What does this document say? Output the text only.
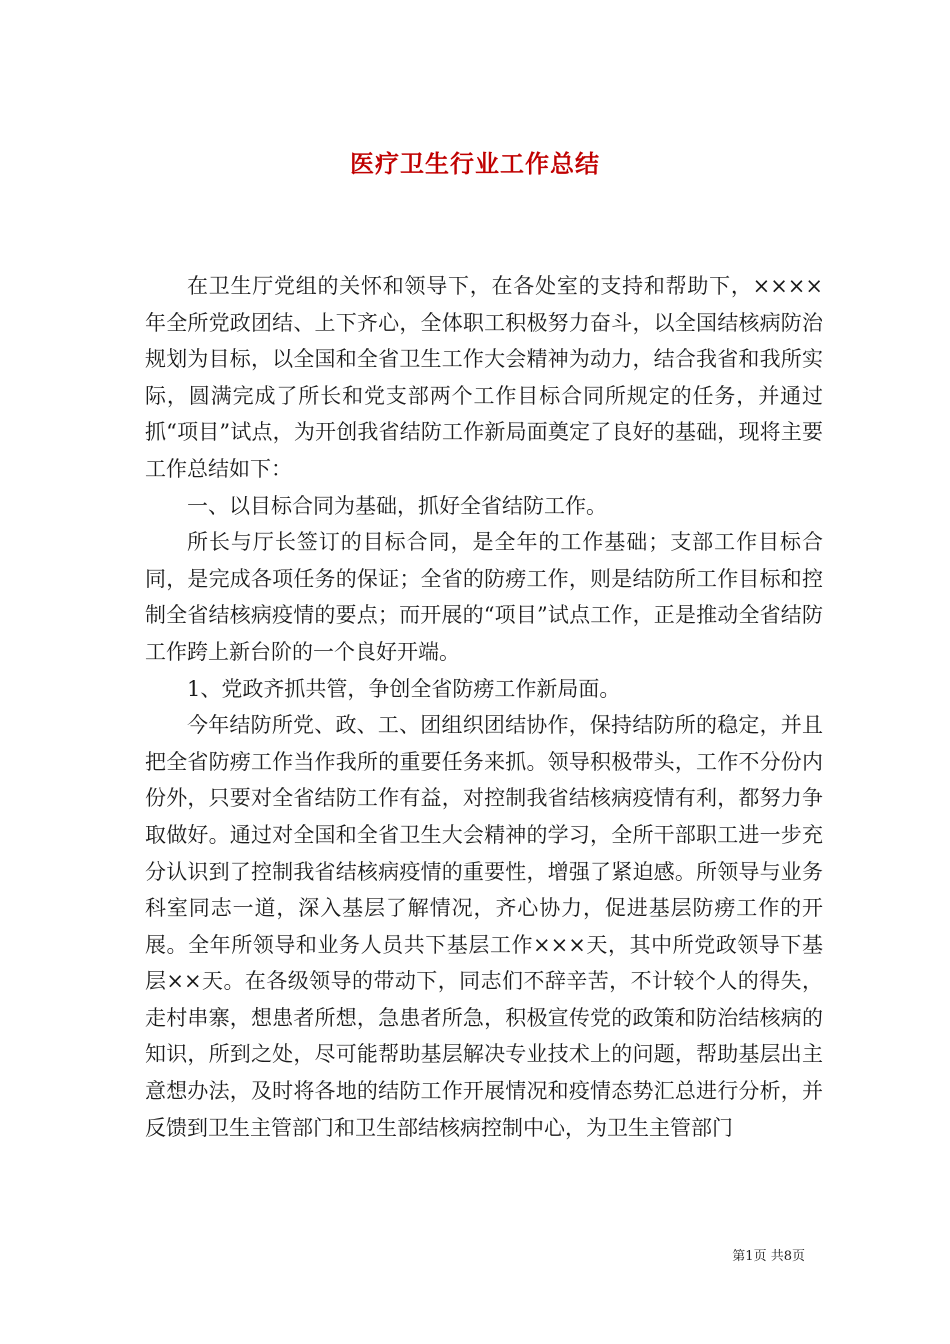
医疗卫生行业工作总结

在卫生厅党组的关怀和领导下，在各处室的支持和帮助下，××××年全所党政团结、上下齐心，全体职工积极努力奋斗，以全国结核病防治规划为目标，以全国和全省卫生工作大会精神为动力，结合我省和我所实际，圆满完成了所长和党支部两个工作目标合同所规定的任务，并通过抓“项目”试点，为开创我省结防工作新局面奠定了良好的基础，现将主要工作总结如下：

一、以目标合同为基础，抓好全省结防工作。

所长与厅长签订的目标合同，是全年的工作基础；支部工作目标合同，是完成各项任务的保证；全省的防痨工作，则是结防所工作目标和控制全省结核病疫情的要点；而开展的“项目”试点工作，正是推动全省结防工作跨上新台阶的一个良好开端。

1、党政齐抓共管，争创全省防痨工作新局面。

今年结防所党、政、工、团组织团结协作，保持结防所的稳定，并且把全省防痨工作当作我所的重要任务来抓。领导积极带头，工作不分份内份外，只要对全省结防工作有益，对控制我省结核病疫情有利，都努力争取做好。通过对全国和全省卫生大会精神的学习，全所干部职工进一步充分认识到了控制我省结核病疫情的重要性，增强了紧迫感。所领导与业务科室同志一道，深入基层了解情况，齐心协力，促进基层防痨工作的开展。全年所领导和业务人员共下基层工作×××天，其中所党政领导下基层××天。在各级领导的带动下，同志们不辞辛苦，不计较个人的得失，走村串寨，想患者所想，急患者所急，积极宣传党的政策和防治结核病的知识，所到之处，尽可能帮助基层解决专业技术上的问题，帮助基层出主意想办法，及时将各地的结防工作开展情况和疫情态势汇总进行分析，并反馈到卫生主管部门和卫生部结核病控制中心，为卫生主管部门

第1页 共8页
